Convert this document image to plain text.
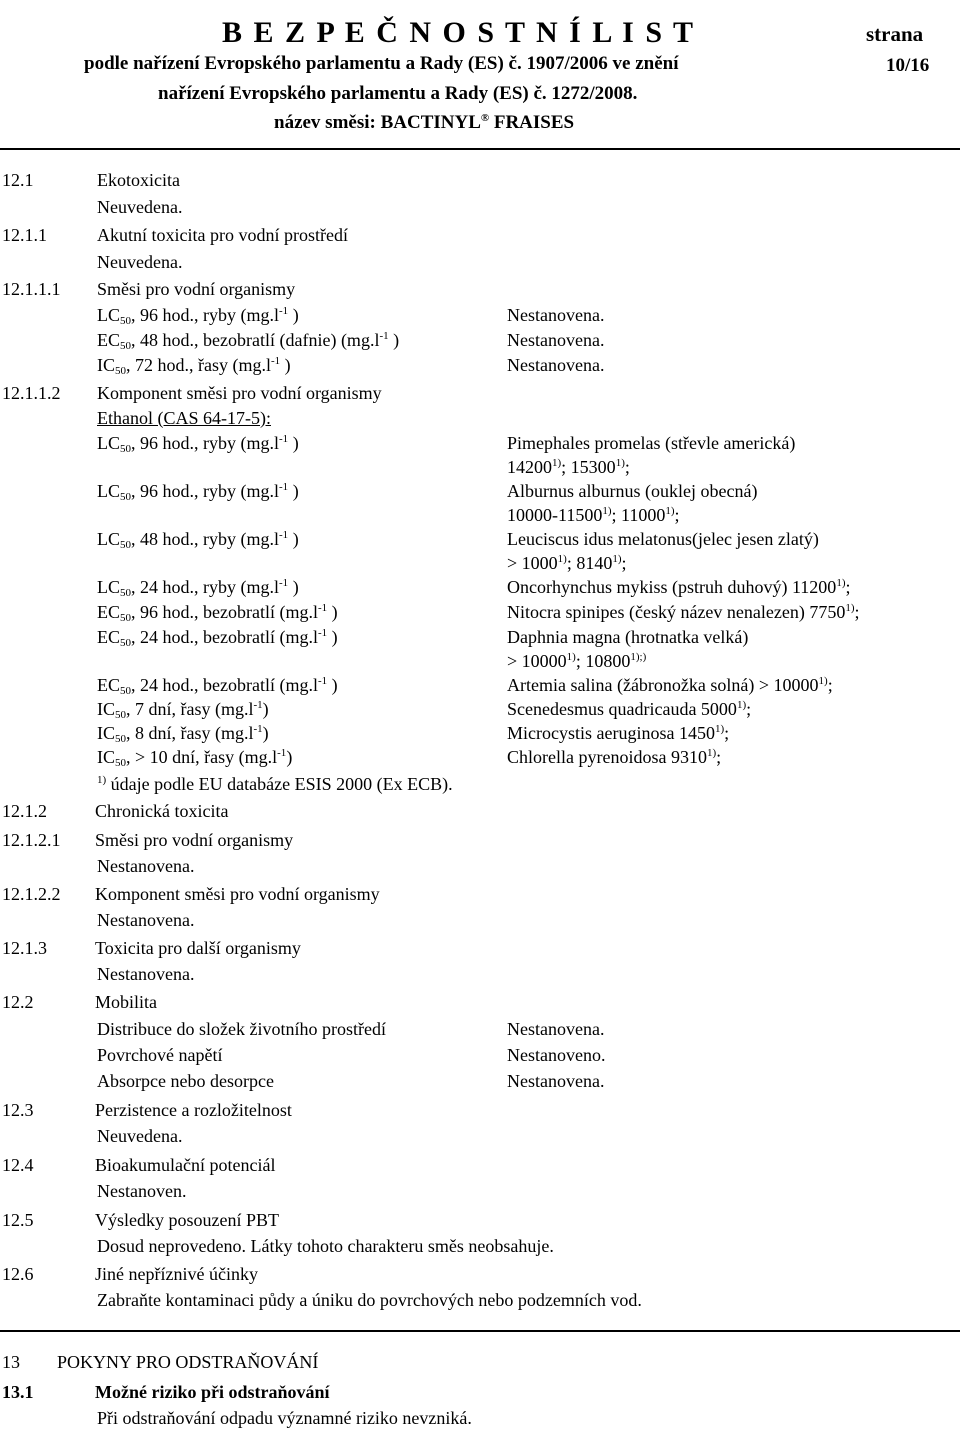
B E Z P E Č N O S T N Í L I S T	strana
podle nařízení Evropského parlamentu a Rady (ES) č. 1907/2006 ve znění	10/16
nařízení Evropského parlamentu a Rady (ES) č. 1272/2008.
název směsi: BACTINYL® FRAISES
12.1	Ekotoxicita
Neuvedena.
12.1.1	Akutní toxicita pro vodní prostředí
Neuvedena.
12.1.1.1 Směsi pro vodní organismy
$LC_{50}$, 96 hod., ryby ($mg.l^{-1}$ )	Nestanovena.
$EC_{50}$, 48 hod., bezobratlí (dafnie) ($mg.l^{-1}$ )	Nestanovena.
$IC_{50}$, 72 hod., řasy ($mg.l^{-1}$ )	Nestanovena.
12.1.1.2 Komponent směsi pro vodní organismy
Ethanol (CAS 64-17-5):
$LC_{50}$, 96 hod., ryby ($mg.l^{-1}$ )	Pimephales promelas (střevle americká)
14200$^{1)}$; 15300$^{1)}$;
$LC_{50}$, 96 hod., ryby ($mg.l^{-1}$ )	Alburnus alburnus (ouklej obecná)
10000-11500$^{1)}$; 11000$^{1)}$;
$LC_{50}$, 48 hod., ryby ($mg.l^{-1}$ )	Leuciscus idus melatonus(jelec jesen zlatý)
> $1000^{1)}$; 8140$^{1)}$;
$LC_{50}$, 24 hod., ryby ($mg.l^{-1}$ )	Oncorhynchus mykiss (pstruh duhový) 11200$^{1)}$;
$EC_{50}$, 96 hod., bezobratlí ($mg.l^{-1}$ )	Nitocra spinipes (český název nenalezen) 7750$^{1)}$;
$EC_{50}$, 24 hod., bezobratlí ($mg.l^{-1}$ )	Daphnia magna (hrotnatka velká)
> $10000^{1)}$; $10800^{1);)}$
$EC_{50}$, 24 hod., bezobratlí ($mg.l^{-1}$ )	Artemia salina (žábronožka solná) > $10000^{1)}$;
$IC_{50}$, 7 dní, řasy $(mg.l^{-1})$	Scenedesmus quadricauda 5000$^{1)}$;
$IC_{50}$, 8 dní, řasy $(mg.l^{-1})$	Microcystis aeruginosa 1450$^{1)}$;
$IC_{50}$, > 10 dní, řasy $(mg.l^{-1})$	Chlorella pyrenoidosa 9310$^{1)}$;
$^{1)}$ údaje podle EU databáze ESIS 2000 (Ex ECB).
12.1.2	Chronická toxicita
12.1.2.1 Směsi pro vodní organismy
Nestanovena.
12.1.2.2 Komponent směsi pro vodní organismy
Nestanovena.
12.1.3	Toxicita pro další organismy
Nestanovena.
12.2	Mobilita
Distribuce do složek životního prostředí	Nestanovena.
Povrchové napětí	Nestanoveno.
Absorpce nebo desorpce	Nestanovena.
12.3	Perzistence a rozložitelnost
Neuvedena.
12.4	Bioakumulační potenciál
Nestanoven.
12.5	Výsledky posouzení PBT
Dosud neprovedeno. Látky tohoto charakteru směs neobsahuje.
12.6	Jiné nepříznivé účinky
Zabraňte kontaminaci půdy a úniku do povrchových nebo podzemních vod.
13 POKYNY PRO ODSTRAŇOVÁNÍ
13.1	Možné riziko při odstraňování
Při odstraňování odpadu významné riziko nevzniká.
